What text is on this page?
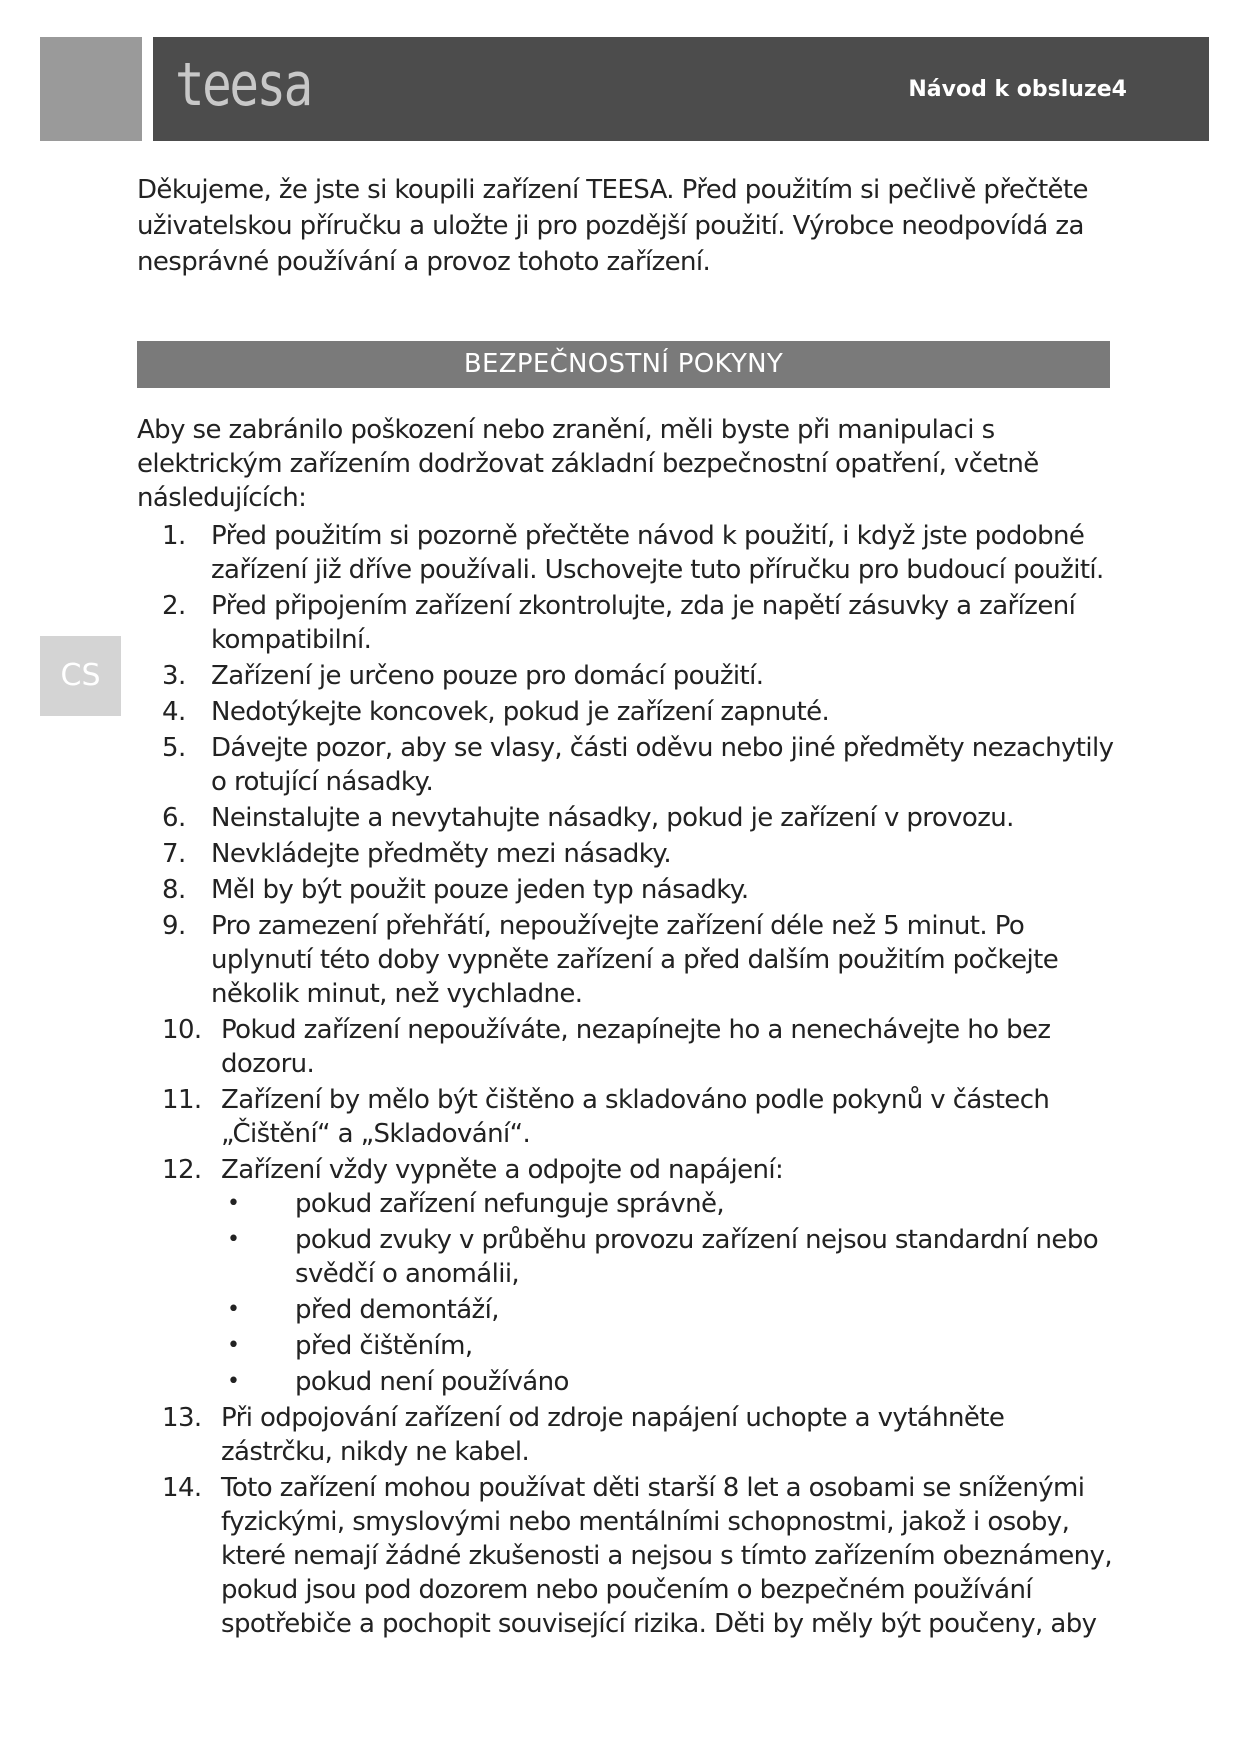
teesa	Návod k obsluze4
Děkujeme, že jste si koupili zařízení TEESA. Před použitím si pečlivě přečtěte uživatelskou příručku a uložte ji pro pozdější použití. Výrobce neodpovídá za nesprávné používání a provoz tohoto zařízení.
BEZPEČNOSTNÍ POKYNY
CS

Aby se zabránilo poškození nebo zranění, měli byste při manipulaci s elektrickým zařízením dodržovat základní bezpečnostní opatření, včetně následujících:

1. Před použitím si pozorně přečtěte návod k použití, i když jste podobné zařízení již dříve používali. Uschovejte tuto příručku pro budoucí použití.
2. Před připojením zařízení zkontrolujte, zda je napětí zásuvky a zařízení kompatibilní.
3. Zařízení je určeno pouze pro domácí použití.
4. Nedotýkejte koncovek, pokud je zařízení zapnuté.
5. Dávejte pozor, aby se vlasy, části oděvu nebo jiné předměty nezachytily o rotující násadky.
6. Neinstalujte a nevytahujte násadky, pokud je zařízení v provozu.
7. Nevkládejte předměty mezi násadky.
8. Měl by být použit pouze jeden typ násadky.
9. Pro zamezení přehřátí, nepoužívejte zařízení déle než 5 minut. Po uplynutí této doby vypněte zařízení a před dalším použitím počkejte několik minut, než vychladne.
10. Pokud zařízení nepoužíváte, nezapínejte ho a nenechávejte ho bez dozoru.
11. Zařízení by mělo být čištěno a skladováno podle pokynů v částech „Čištění“ a „Skladování“.
12. Zařízení vždy vypněte a odpojte od napájení:
• pokud zařízení nefunguje správně,
• pokud zvuky v průběhu provozu zařízení nejsou standardní nebo svědčí o anomálii,
• před demontáží,
• před čištěním,
• pokud není používáno
13. Při odpojování zařízení od zdroje napájení uchopte a vytáhněte zástrčku, nikdy ne kabel.
14. Toto zařízení mohou používat děti starší 8 let a osobami se sníženými fyzickými, smyslovými nebo mentálními schopnostmi, jakož i osoby, které nemají žádné zkušenosti a nejsou s tímto zařízením obeznámeny, pokud jsou pod dozorem nebo poučením o bezpečném používání spotřebiče a pochopit související rizika. Děti by měly být poučeny, aby
